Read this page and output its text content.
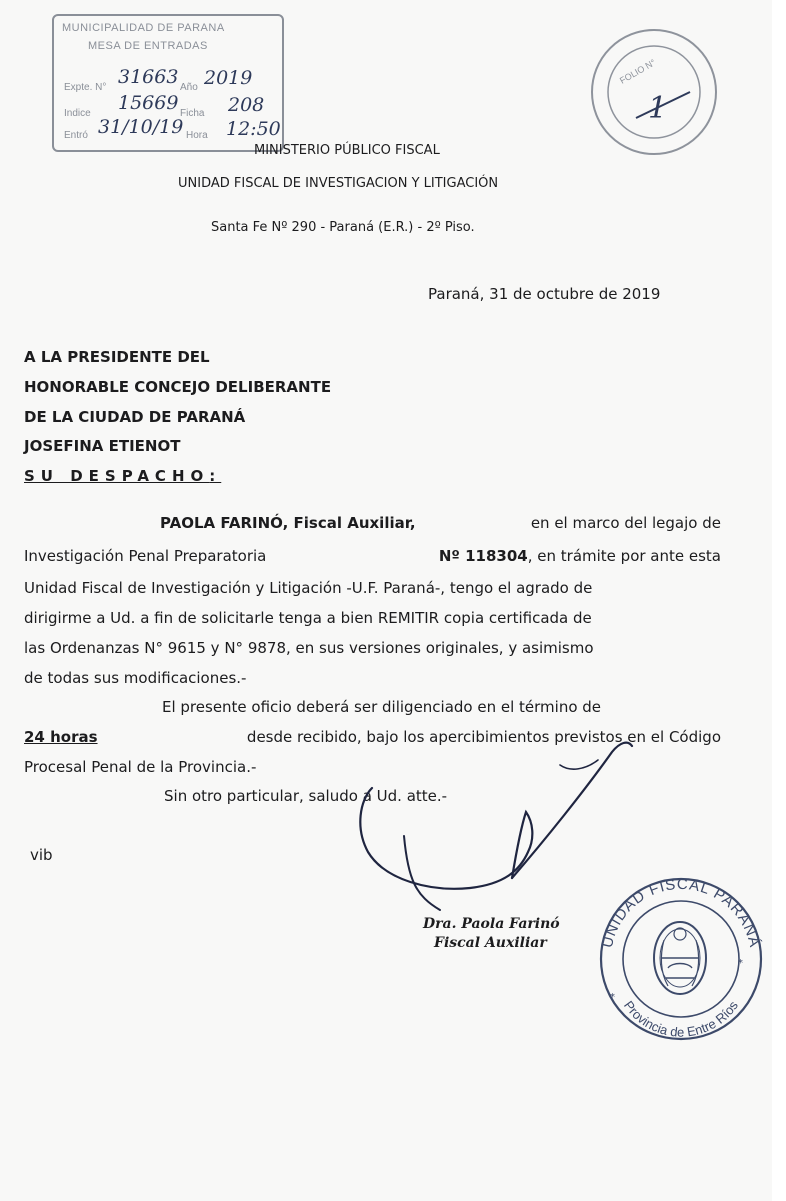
MUNICIPALIDAD DE PARANA
MESA DE ENTRADAS
Expte. N° 31663 Año 2019
Indice 15669 Ficha 208
Entró 31/10/19 Hora 12:50
MINISTERIO PÚBLICO FISCAL
UNIDAD FISCAL DE INVESTIGACION Y LITIGACIÓN
Santa Fe Nº 290 - Paraná (E.R.) - 2º Piso.
Paraná, 31 de octubre de 2019
A LA PRESIDENTE DEL
HONORABLE CONCEJO DELIBERANTE
DE LA CIUDAD DE PARANÁ
JOSEFINA ETIENOT
SU DESPACHO:
PAOLA FARINÓ, Fiscal Auxiliar,	en el marco del legajo de
Investigación Penal Preparatoria	Nº 118304, en trámite por ante esta
Unidad Fiscal de Investigación y Litigación -U.F. Paraná-, tengo el agrado de
dirigirme a Ud. a fin de solicitarle tenga a bien REMITIR copia certificada de
las Ordenanzas N° 9615 y N° 9878, en sus versiones originales, y asimismo
de todas sus modificaciones.-
El presente oficio deberá ser diligenciado en el término de
24 horas	desde recibido, bajo los apercibimientos previstos en el Código
Procesal Penal de la Provincia.-
Sin otro particular, saludo a Ud. atte.-
vib
Dra. Paola Farinó
Fiscal Auxiliar
FOLIO N°
1
UNIDAD FISCAL PARANÁ
Provincia de Entre Ríos
*
*
